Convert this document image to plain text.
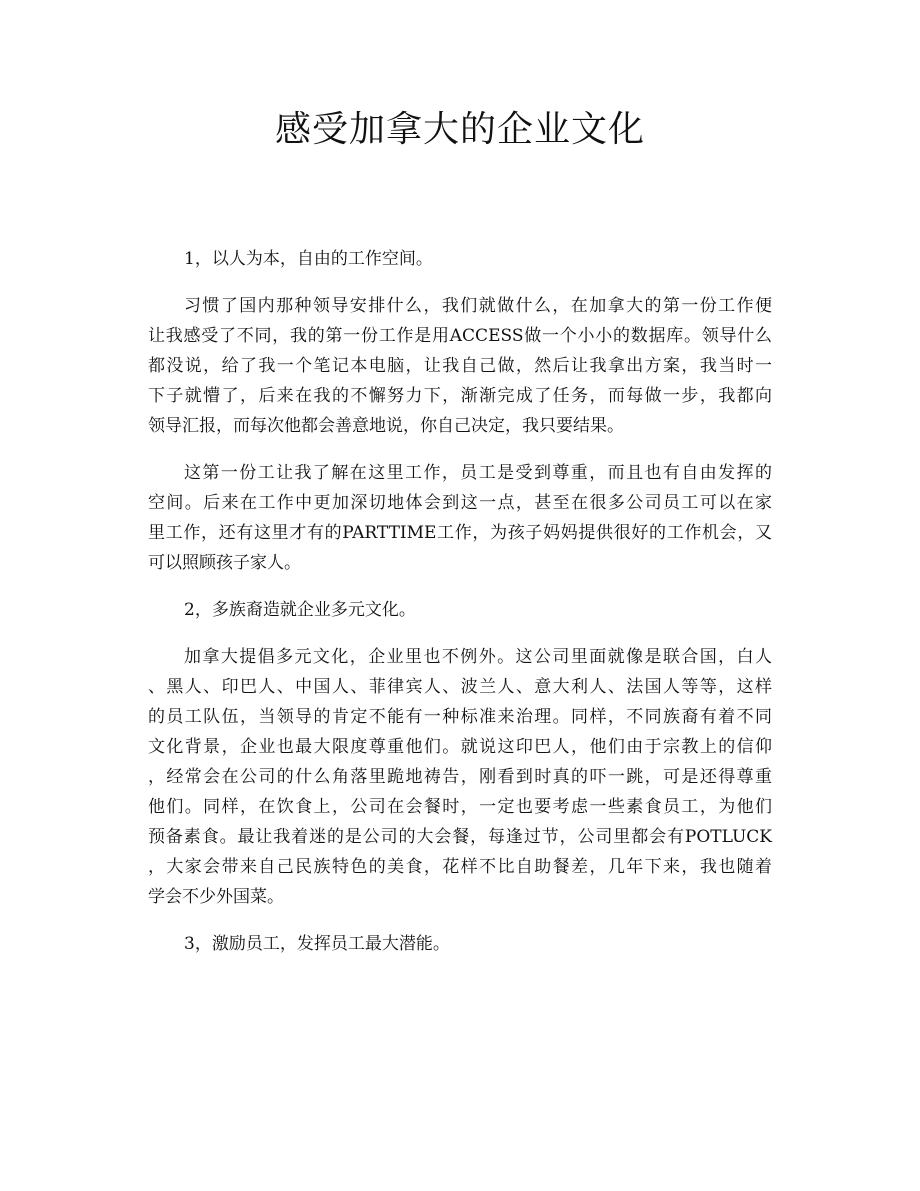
感受加拿大的企业文化

1，以人为本，自由的工作空间。

习惯了国内那种领导安排什么，我们就做什么，在加拿大的第一份工作便
让我感受了不同，我的第一份工作是用ACCESS做一个小小的数据库。领导什么
都没说，给了我一个笔记本电脑，让我自己做，然后让我拿出方案，我当时一
下子就懵了，后来在我的不懈努力下，渐渐完成了任务，而每做一步，我都向
领导汇报，而每次他都会善意地说，你自己决定，我只要结果。

这第一份工让我了解在这里工作，员工是受到尊重，而且也有自由发挥的
空间。后来在工作中更加深切地体会到这一点，甚至在很多公司员工可以在家
里工作，还有这里才有的PARTTIME工作，为孩子妈妈提供很好的工作机会，又
可以照顾孩子家人。

2，多族裔造就企业多元文化。

加拿大提倡多元文化，企业里也不例外。这公司里面就像是联合国，白人
、黑人、印巴人、中国人、菲律宾人、波兰人、意大利人、法国人等等，这样
的员工队伍，当领导的肯定不能有一种标准来治理。同样，不同族裔有着不同
文化背景，企业也最大限度尊重他们。就说这印巴人，他们由于宗教上的信仰
，经常会在公司的什么角落里跪地祷告，刚看到时真的吓一跳，可是还得尊重
他们。同样，在饮食上，公司在会餐时，一定也要考虑一些素食员工，为他们
预备素食。最让我着迷的是公司的大会餐，每逢过节，公司里都会有POTLUCK
，大家会带来自己民族特色的美食，花样不比自助餐差，几年下来，我也随着
学会不少外国菜。

3，激励员工，发挥员工最大潜能。
